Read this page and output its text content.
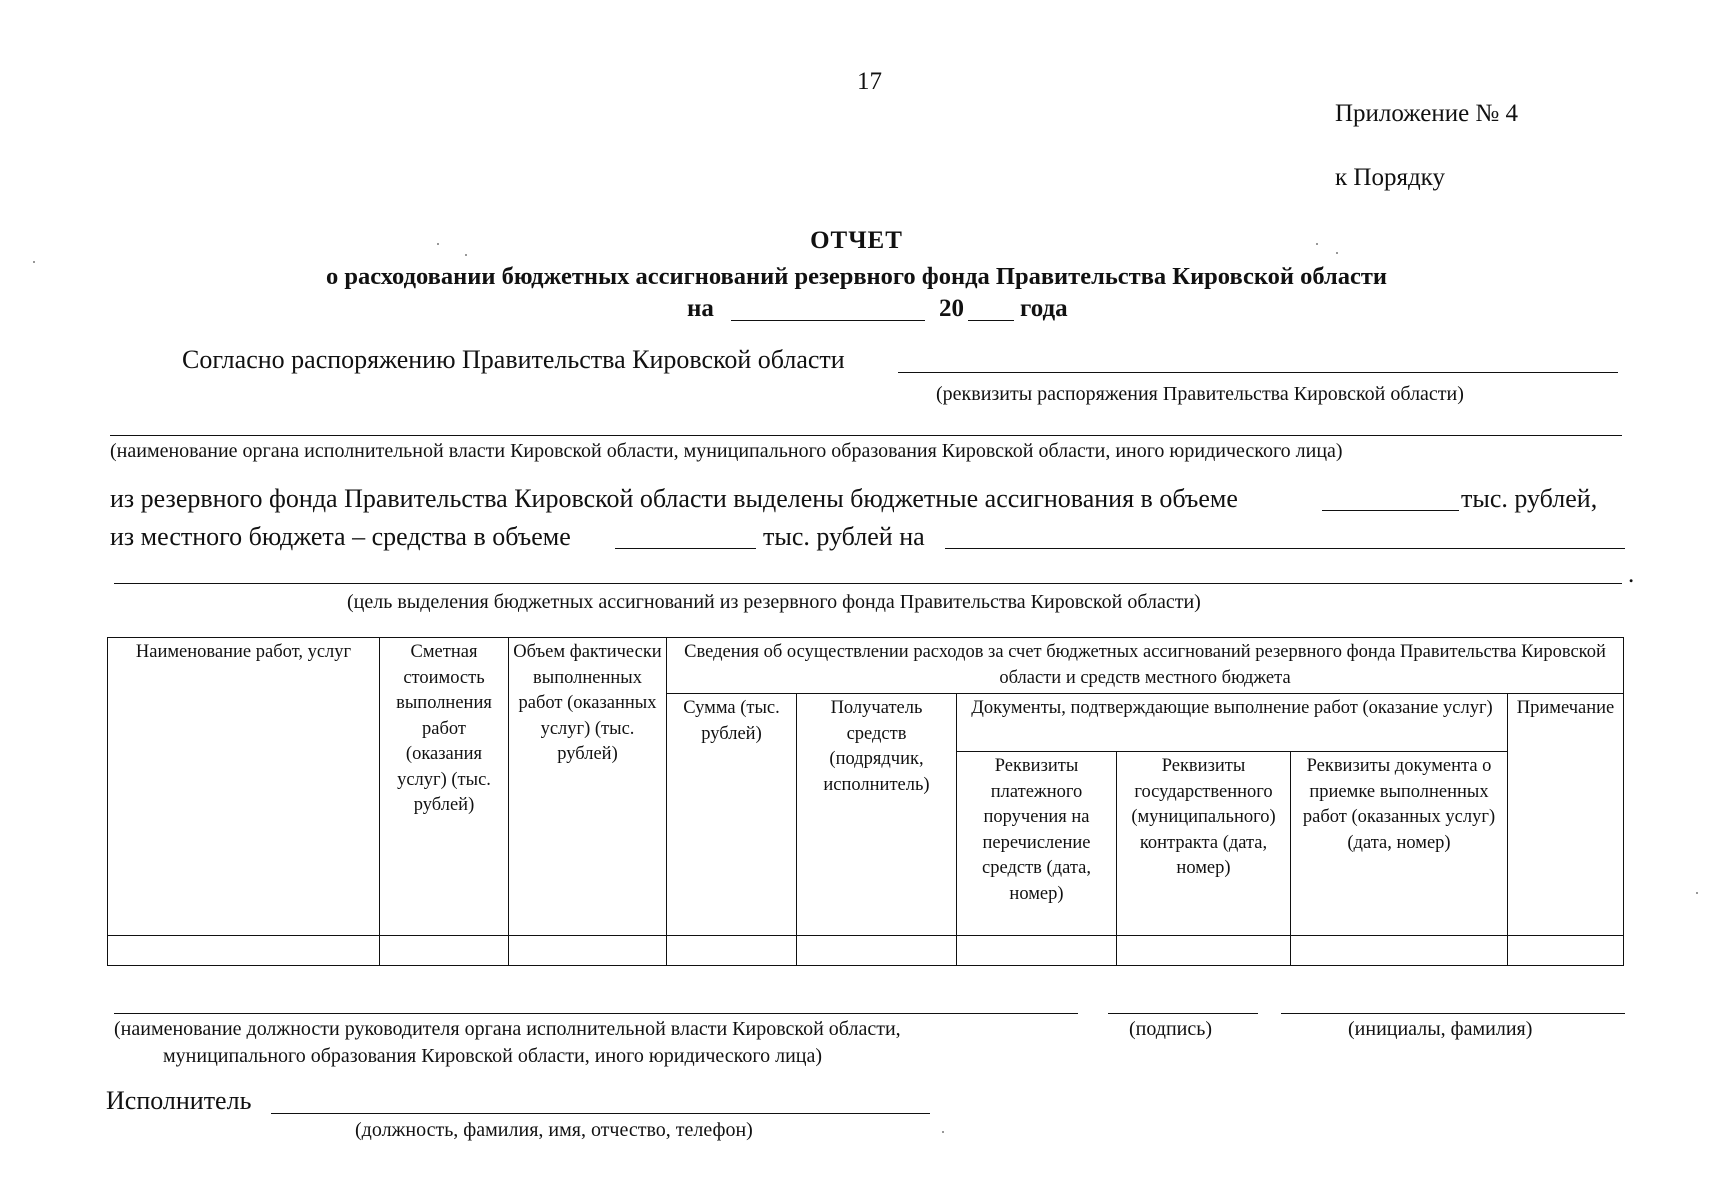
17
Приложение № 4
к Порядку
ОТЧЕТ
о расходовании бюджетных ассигнований резервного фонда Правительства Кировской области
на	20 года
Согласно распоряжению Правительства Кировской области
(реквизиты распоряжения Правительства Кировской области)
(наименование органа исполнительной власти Кировской области, муниципального образования Кировской области, иного юридического лица)
из резервного фонда Правительства Кировской области выделены бюджетные ассигнования в объеме	тыс. рублей,
из местного бюджета – средства в объеме	тыс. рублей на
.
(цель выделения бюджетных ассигнований из резервного фонда Правительства Кировской области)
Наименование работ, услуг	Сметная стоимость выполнения работ (оказания услуг) (тыс. рублей)	Объем фактически выполненных работ (оказанных услуг) (тыс. рублей)	Сведения об осуществлении расходов за счет бюджетных ассигнований резервного фонда Правительства Кировской области и средств местного бюджета					
			Сумма (тыс. рублей)	Получатель средств (подрядчик, исполнитель)	Документы, подтверждающие выполнение работ (оказание услуг)			Примечание
					Реквизиты платежного поручения на перечисление средств (дата, номер)	Реквизиты государственного (муниципального) контракта (дата, номер)	Реквизиты документа о приемке выполненных работ (оказанных услуг) (дата, номер)	

(наименование должности руководителя органа исполнительной власти Кировской области,
муниципального образования Кировской области, иного юридического лица)
(подпись)	(инициалы, фамилия)
Исполнитель
(должность, фамилия, имя, отчество, телефон)
